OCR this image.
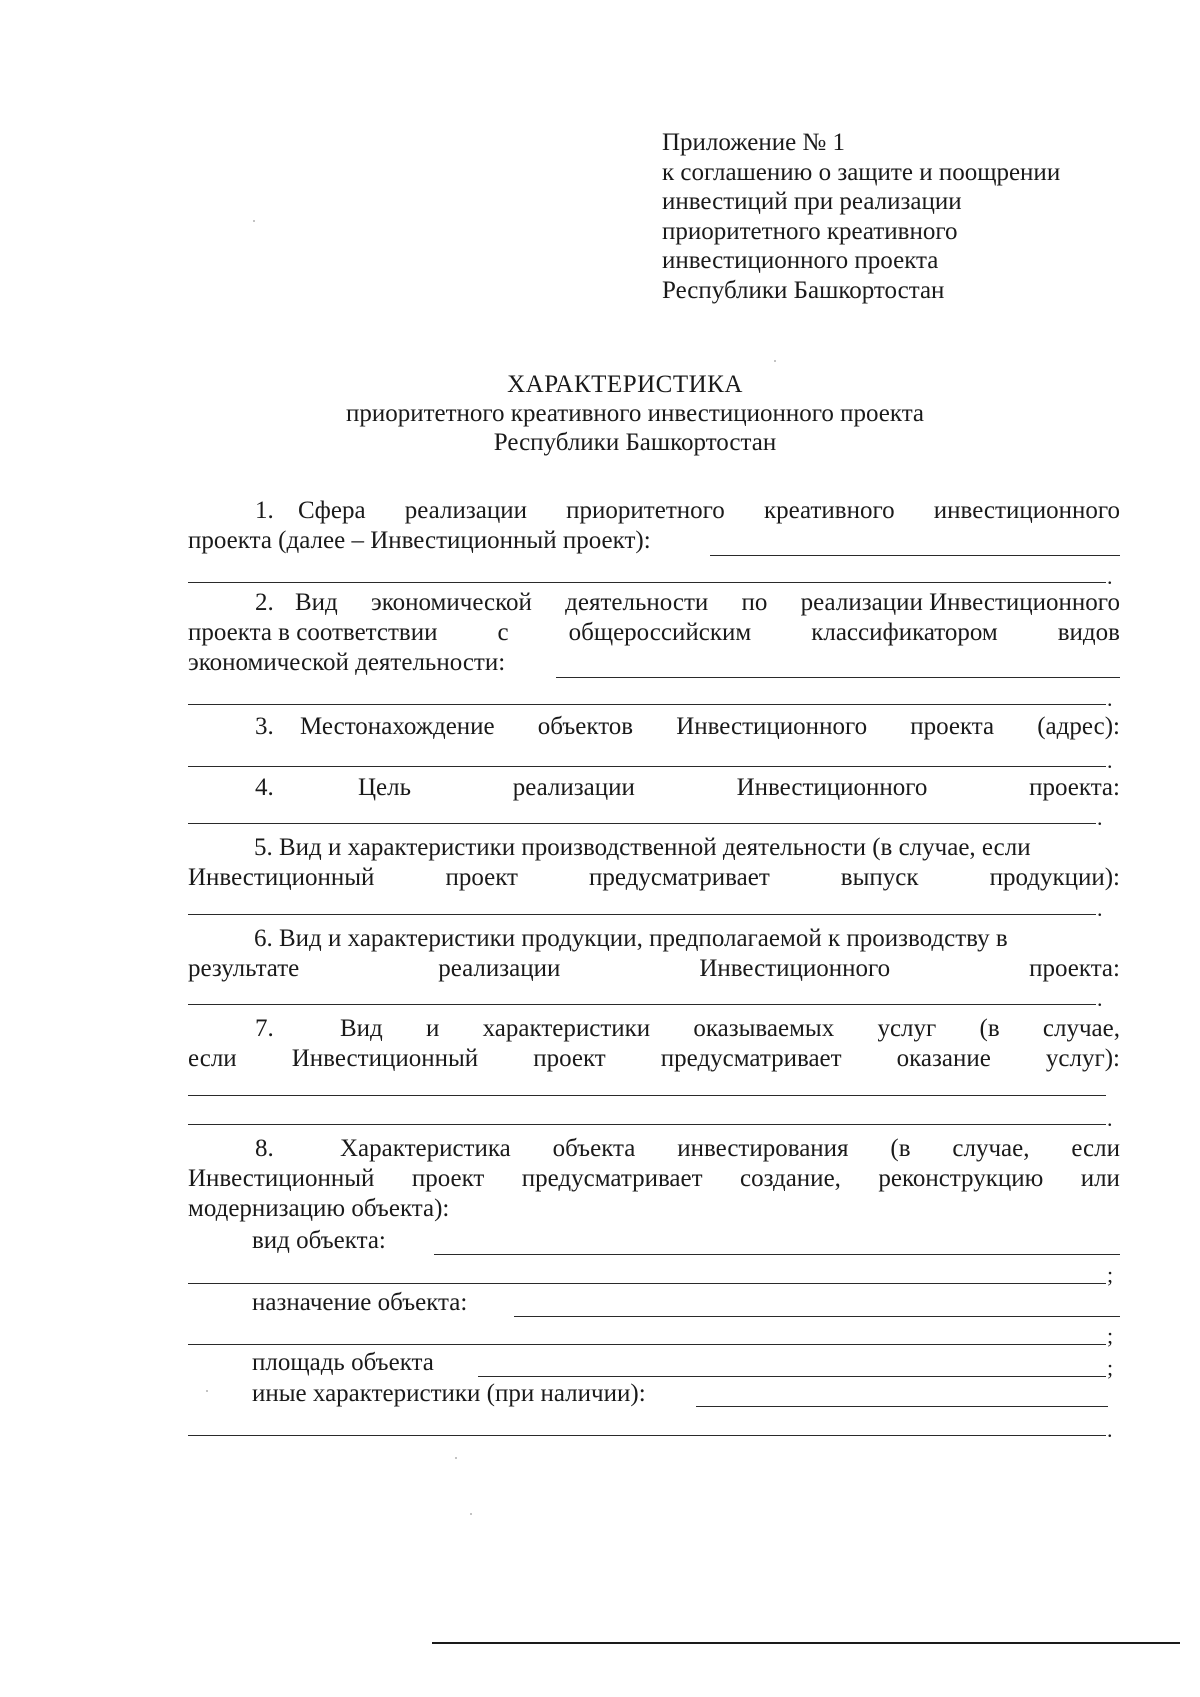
Приложение № 1
к соглашению о защите и поощрении
инвестиций при реализации
приоритетного креативного
инвестиционного проекта
Республики Башкортостан
ХАРАКТЕРИСТИКА
приоритетного креативного инвестиционного проекта
Республики Башкортостан
1. Сфера реализации приоритетного креативного инвестиционного
проекта (далее – Инвестиционный проект):
.
2. Вид экономической деятельности по реализации Инвестиционного
проекта в соответствии с общероссийским классификатором видов
экономической деятельности:
.
3. Местонахождение объектов Инвестиционного проекта (адрес):
.
4.	Цель	реализации	Инвестиционного	проекта:
.
5. Вид и характеристики производственной деятельности (в случае, если
Инвестиционный	проект	предусматривает	выпуск	продукции):
.
6. Вид и характеристики продукции, предполагаемой к производству в
результате	реализации	Инвестиционного	проекта:
.
7.	Вид и характеристики оказываемых услуг (в случае,
если Инвестиционный проект предусматривает оказание услуг):
.
8.	Характеристика объекта инвестирования (в случае, если
Инвестиционный проект предусматривает создание, реконструкцию или
модернизацию объекта):
вид объекта:
;
назначение объекта:
;
площадь объекта	;
иные характеристики (при наличии):
.
